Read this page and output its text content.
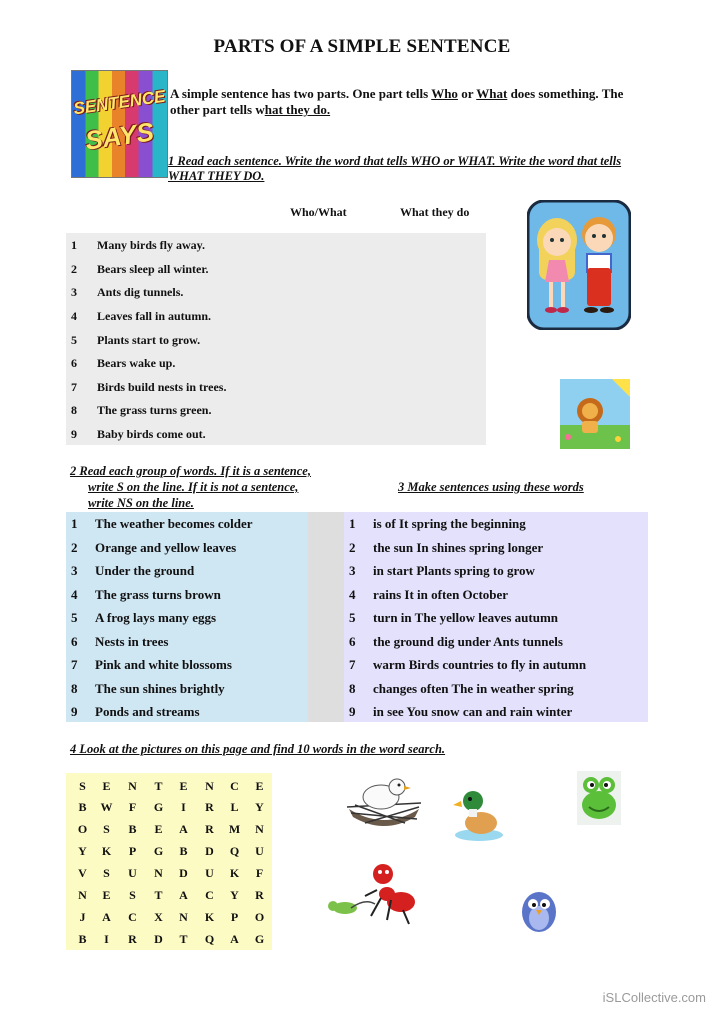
PARTS OF A SIMPLE SENTENCE
SENTENCE
SAYS
A simple sentence has two parts. One part tells Who or What does something. The other part tells what they do.
1 Read each sentence. Write the word that tells WHO or WHAT. Write the word that tells WHAT THEY DO.
Who/What	What they do
1 Many birds fly away.
2 Bears sleep all winter.
3 Ants dig tunnels.
4 Leaves fall in autumn.
5 Plants start to grow.
6 Bears wake up.
7 Birds build nests in trees.
8 The grass turns green.
9 Baby birds come out.
2 Read each group of words. If it is a sentence,
write S on the line. If it is not a sentence,
write NS on the line.
3 Make sentences using these words
1 The weather becomes colder
2 Orange and yellow leaves
3 Under the ground
4 The grass turns brown
5 A frog lays many eggs
6 Nests in trees
7 Pink and white blossoms
8 The sun shines brightly
9 Ponds and streams
1 is of It spring the beginning
2 the sun In shines spring longer
3 in start Plants spring to grow
4 rains It in often October
5 turn in The yellow leaves autumn
6 the ground dig under Ants tunnels
7 warm Birds countries to fly in autumn
8 changes often The in weather spring
9 in see You snow can and rain winter
4 Look at the pictures on this page and find 10 words in the word search.
S	E	N	T	E	N	C	E
B	W	F	G	I	R	L	Y
O	S	B	E	A	R	M	N
Y	K	P	G	B	D	Q	U
V	S	U	N	D	U	K	F
N	E	S	T	A	C	Y	R
J	A	C	X	N	K	P	O
B	I	R	D	T	Q	A	G
iSLCollective.com
